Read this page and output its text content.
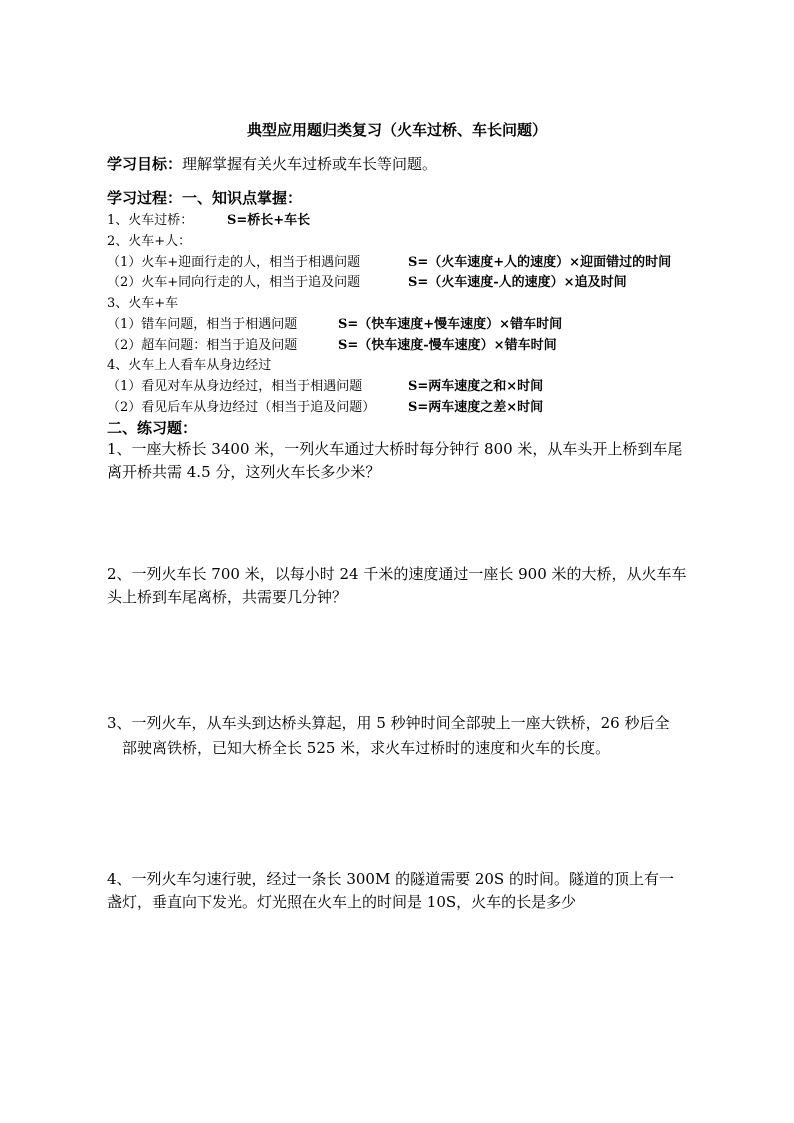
典型应用题归类复习（火车过桥、车长问题）
学习目标：理解掌握有关火车过桥或车长等问题。
学习过程：一、知识点掌握：
1、火车过桥：	S=桥长+车长
2、火车+人：
（1）火车+迎面行走的人，相当于相遇问题	S=（火车速度+人的速度）×迎面错过的时间
（2）火车+同向行走的人，相当于追及问题	S=（火车速度-人的速度）×追及时间
3、火车+车
（1）错车问题，相当于相遇问题	S=（快车速度+慢车速度）×错车时间
（2）超车问题：相当于追及问题	S=（快车速度-慢车速度）×错车时间
4、火车上人看车从身边经过
（1）看见对车从身边经过，相当于相遇问题	S=两车速度之和×时间
（2）看见后车从身边经过（相当于追及问题）	S=两车速度之差×时间
二、练习题：
1、一座大桥长 3400 米，一列火车通过大桥时每分钟行 800 米，从车头开上桥到车尾
离开桥共需 4.5 分，这列火车长多少米？
2、一列火车长 700 米，以每小时 24 千米的速度通过一座长 900 米的大桥，从火车车
头上桥到车尾离桥，共需要几分钟？
3、一列火车，从车头到达桥头算起，用 5 秒钟时间全部驶上一座大铁桥，26 秒后全
部驶离铁桥，已知大桥全长 525 米，求火车过桥时的速度和火车的长度。
4、一列火车匀速行驶，经过一条长 300M 的隧道需要 20S 的时间。隧道的顶上有一
盏灯，垂直向下发光。灯光照在火车上的时间是 10S，火车的长是多少
